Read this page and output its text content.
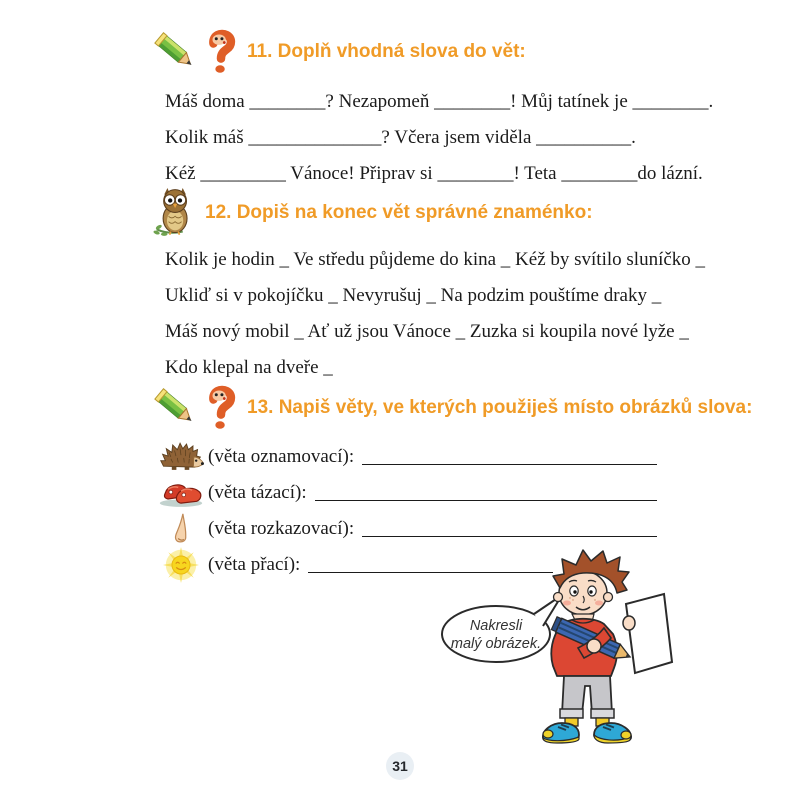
11. Doplň vhodná slova do vět:
Máš doma ________? Nezapomeň ________! Můj tatínek je ________.
Kolik máš ______________? Včera jsem viděla __________.
Kéž _________ Vánoce! Připrav si ________! Teta ________do lázní.
12. Dopiš na konec vět správné znaménko:
Kolik je hodin _ Ve středu půjdeme do kina _ Kéž by svítilo sluníčko _
Ukliď si v pokojíčku _ Nevyrušuj _ Na podzim pouštíme draky _
Máš nový mobil _ Ať už jsou Vánoce _ Zuzka si koupila nové lyže _
Kdo klepal na dveře _
13. Napiš věty, ve kterých použiješ místo obrázků slova:
(věta oznamovací):
(věta tázací):
(věta rozkazovací):
(věta přací):
Nakresli
malý obrázek.
31
